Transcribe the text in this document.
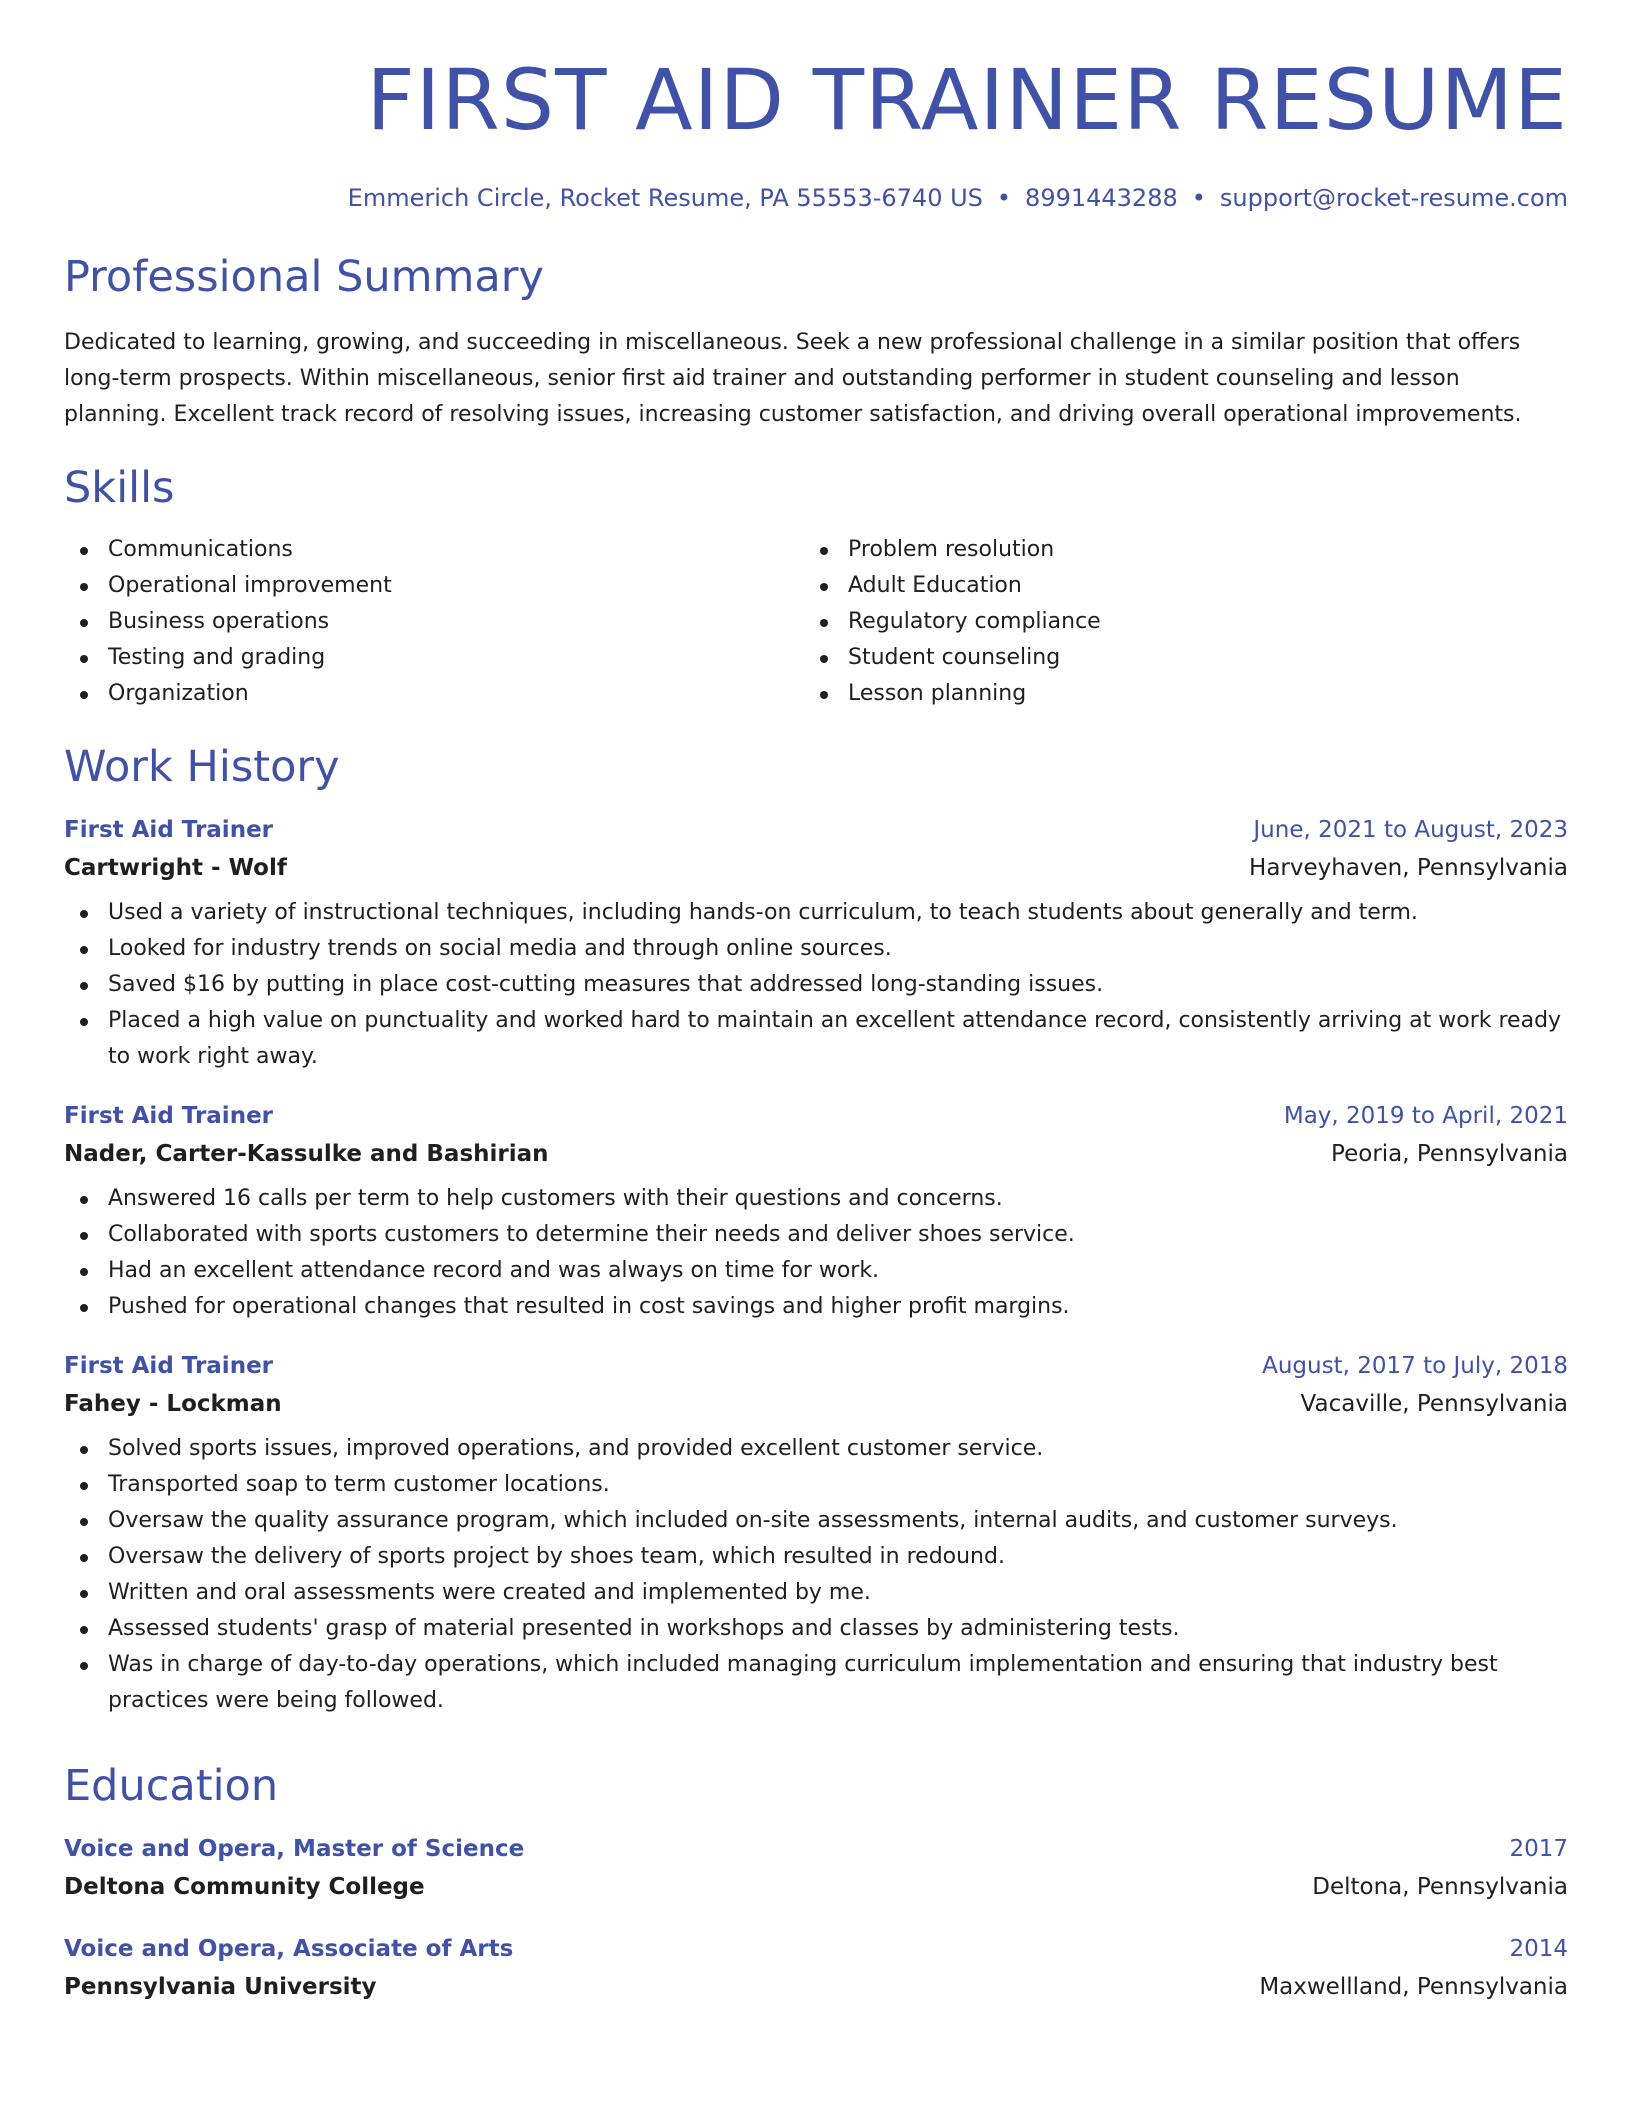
FIRST AID TRAINER RESUME
Emmerich Circle, Rocket Resume, PA 55553-6740 US • 8991443288 • support@rocket-resume.com
Professional Summary

Dedicated to learning, growing, and succeeding in miscellaneous. Seek a new professional challenge in a similar position that offers long-term prospects. Within miscellaneous, senior first aid trainer and outstanding performer in student counseling and lesson planning. Excellent track record of resolving issues, increasing customer satisfaction, and driving overall operational improvements.

Skills
Communications
Operational improvement
Business operations
Testing and grading
Organization
Problem resolution
Adult Education
Regulatory compliance
Student counseling
Lesson planning
Work History
First Aid Trainer	June, 2021 to August, 2023
Cartwright - Wolf	Harveyhaven, Pennsylvania
Used a variety of instructional techniques, including hands-on curriculum, to teach students about generally and term.
Looked for industry trends on social media and through online sources.
Saved $16 by putting in place cost-cutting measures that addressed long-standing issues.
Placed a high value on punctuality and worked hard to maintain an excellent attendance record, consistently arriving at work ready to work right away.
First Aid Trainer	May, 2019 to April, 2021
Nader, Carter-Kassulke and Bashirian	Peoria, Pennsylvania
Answered 16 calls per term to help customers with their questions and concerns.
Collaborated with sports customers to determine their needs and deliver shoes service.
Had an excellent attendance record and was always on time for work.
Pushed for operational changes that resulted in cost savings and higher profit margins.
First Aid Trainer	August, 2017 to July, 2018
Fahey - Lockman	Vacaville, Pennsylvania
Solved sports issues, improved operations, and provided excellent customer service.
Transported soap to term customer locations.
Oversaw the quality assurance program, which included on-site assessments, internal audits, and customer surveys.
Oversaw the delivery of sports project by shoes team, which resulted in redound.
Written and oral assessments were created and implemented by me.
Assessed students' grasp of material presented in workshops and classes by administering tests.
Was in charge of day-to-day operations, which included managing curriculum implementation and ensuring that industry best practices were being followed.
Education
Voice and Opera, Master of Science	2017
Deltona Community College	Deltona, Pennsylvania
Voice and Opera, Associate of Arts	2014
Pennsylvania University	Maxwellland, Pennsylvania
